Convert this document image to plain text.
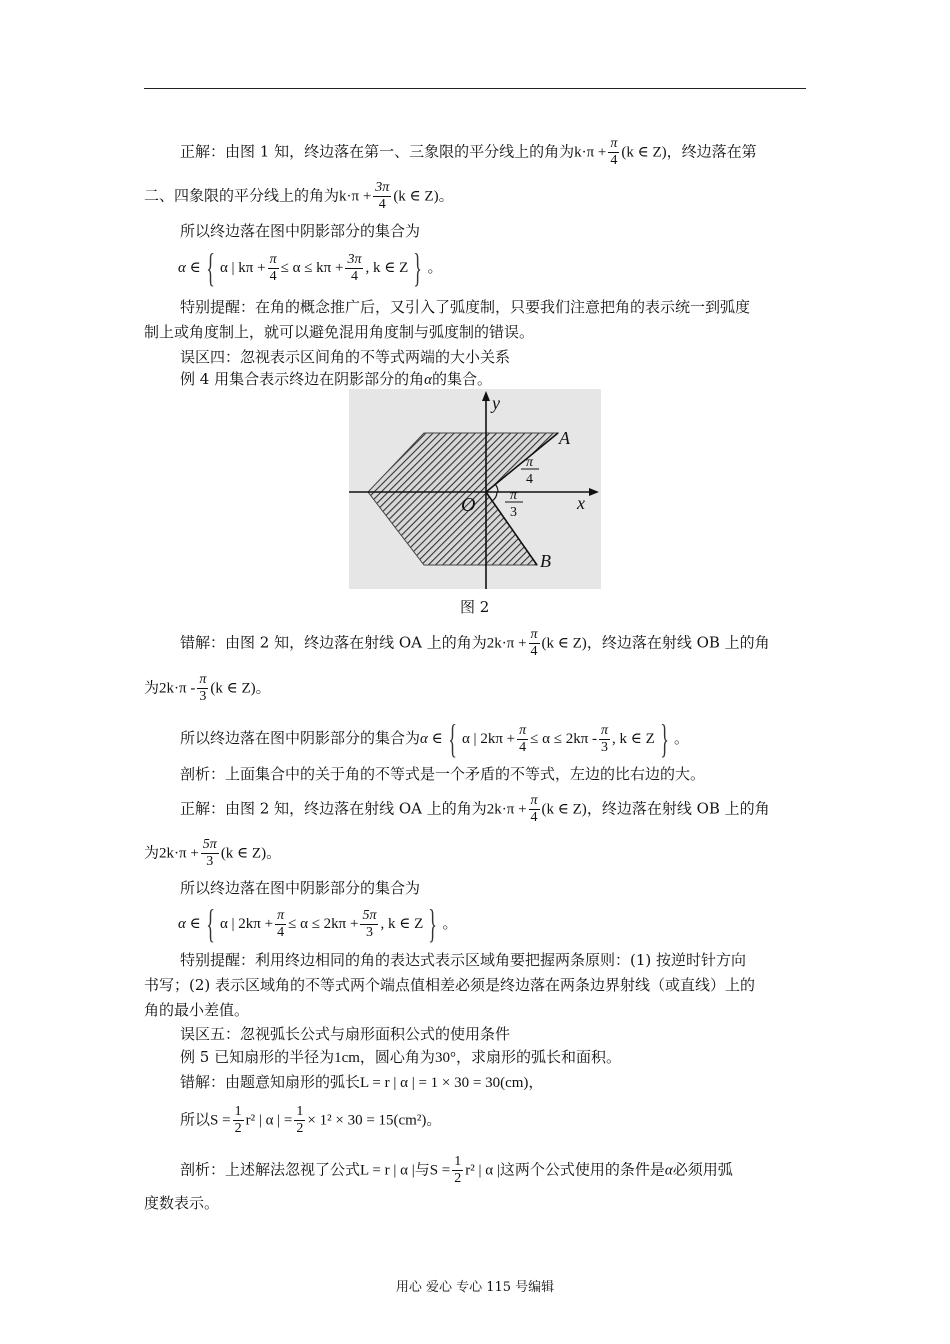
正解：由图 1 知，终边落在第一、三象限的平分线上的角为$k\cdot\pi + \frac{\pi}{4} (k$ ∈ Z)，终边落在第
二、四象限的平分线上的角为$k\cdot\pi + \frac{3\pi}{4} (k$ ∈ Z)。
所以终边落在图中阴影部分的集合为
α ∈ { α | $k\pi + \frac{\pi}{4} \le \alpha \le k\pi + \frac{3\pi}{4}$ , k ∈ Z } 。
特别提醒：在角的概念推广后，又引入了弧度制，只要我们注意把角的表示统一到弧度
制上或角度制上，就可以避免混用角度制与弧度制的错误。
误区四：忽视表示区间角的不等式两端的大小关系
例 4 用集合表示终边在阴影部分的角α的集合。
y
x
O
A
B
π
4
π
3
图 2
错解：由图 2 知，终边落在射线 OA 上的角为$2k\cdot\pi + \frac{\pi}{4} (k$ ∈ Z)，终边落在射线 OB 上的角
为$2k\cdot\pi - \frac{\pi}{3} (k$ ∈ Z)。
所以终边落在图中阴影部分的集合为α ∈ { α | $2k\pi + \frac{\pi}{4} \le \alpha \le 2k\pi - \frac{\pi}{3}$ , k ∈ Z } 。
剖析：上面集合中的关于角的不等式是一个矛盾的不等式，左边的比右边的大。
正解：由图 2 知，终边落在射线 OA 上的角为$2k\cdot\pi + \frac{\pi}{4} (k$ ∈ Z)，终边落在射线 OB 上的角
为$2k\cdot\pi + \frac{5\pi}{3} (k$ ∈ Z)。
所以终边落在图中阴影部分的集合为
α ∈ { α | $2k\pi + \frac{\pi}{4} \le \alpha \le 2k\pi + \frac{5\pi}{3}$ , k ∈ Z } 。
特别提醒：利用终边相同的角的表达式表示区域角要把握两条原则：(1) 按逆时针方向
书写；(2) 表示区域角的不等式两个端点值相差必须是终边落在两条边界射线（或直线）上的
角的最小差值。
误区五：忽视弧长公式与扇形面积公式的使用条件
例 5 已知扇形的半径为1cm，圆心角为30°，求扇形的弧长和面积。
错解：由题意知扇形的弧长L = r | α | = 1 × 30 = 30(cm)，
所以$S = \frac{1}{2} r^2$ | α | = $\frac{1}{2} \times 1^2 \times 30 = 15(cm^2)$。
剖析：上述解法忽视了公式L = r | α |与$S = \frac{1}{2} r^2$ | α |这两个公式使用的条件是α必须用弧
度数表示。
用心 爱心 专心 115 号编辑
